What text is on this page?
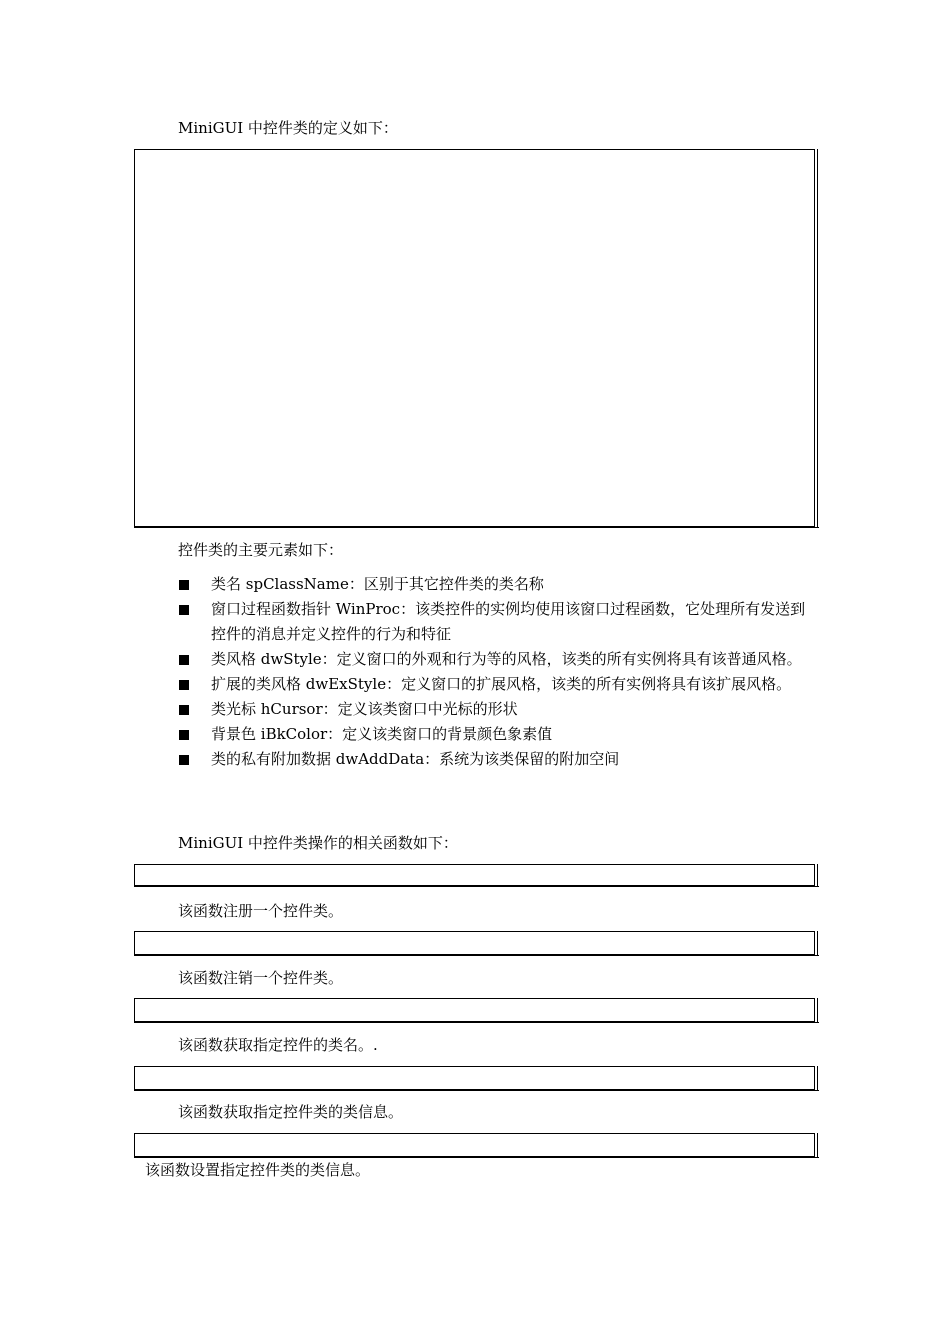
MiniGUI 中控件类的定义如下：
控件类的主要元素如下：
类名 spClassName：区别于其它控件类的类名称
窗口过程函数指针 WinProc：该类控件的实例均使用该窗口过程函数，它处理所有发送到控件的消息并定义控件的行为和特征
类风格 dwStyle：定义窗口的外观和行为等的风格，该类的所有实例将具有该普通风格。
扩展的类风格 dwExStyle：定义窗口的扩展风格，该类的所有实例将具有该扩展风格。
类光标 hCursor：定义该类窗口中光标的形状
背景色 iBkColor：定义该类窗口的背景颜色象素值
类的私有附加数据 dwAddData：系统为该类保留的附加空间
MiniGUI 中控件类操作的相关函数如下：
该函数注册一个控件类。
该函数注销一个控件类。
该函数获取指定控件的类名。.
该函数获取指定控件类的类信息。
该函数设置指定控件类的类信息。
